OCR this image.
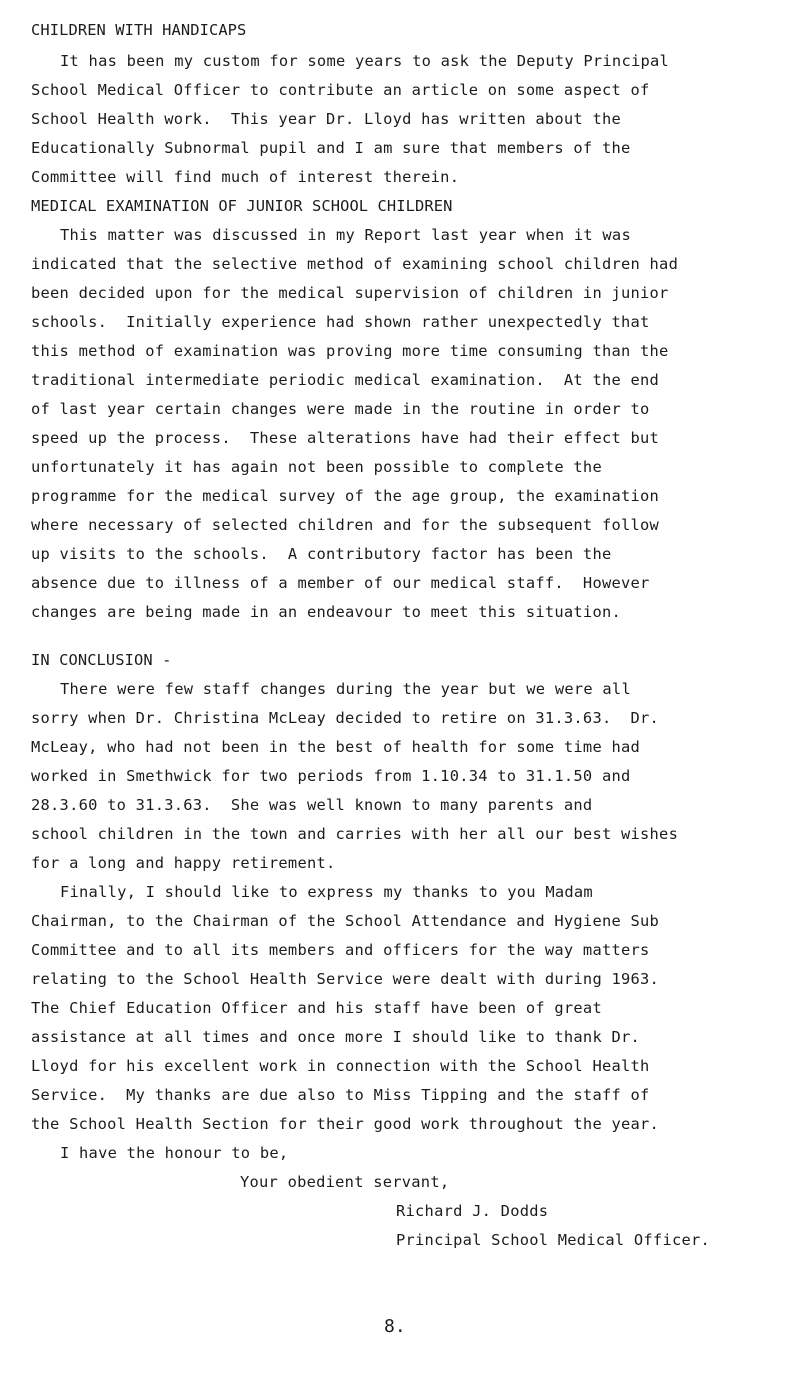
CHILDREN WITH HANDICAPS
It has been my custom for some years to ask the Deputy Principal
School Medical Officer to contribute an article on some aspect of
School Health work.  This year Dr. Lloyd has written about the
Educationally Subnormal pupil and I am sure that members of the
Committee will find much of interest therein.
MEDICAL EXAMINATION OF JUNIOR SCHOOL CHILDREN
This matter was discussed in my Report last year when it was
indicated that the selective method of examining school children had
been decided upon for the medical supervision of children in junior
schools.  Initially experience had shown rather unexpectedly that
this method of examination was proving more time consuming than the
traditional intermediate periodic medical examination.  At the end
of last year certain changes were made in the routine in order to
speed up the process.  These alterations have had their effect but
unfortunately it has again not been possible to complete the
programme for the medical survey of the age group, the examination
where necessary of selected children and for the subsequent follow
up visits to the schools.  A contributory factor has been the
absence due to illness of a member of our medical staff.  However
changes are being made in an endeavour to meet this situation.
IN CONCLUSION -
There were few staff changes during the year but we were all
sorry when Dr. Christina McLeay decided to retire on 31.3.63.  Dr.
McLeay, who had not been in the best of health for some time had
worked in Smethwick for two periods from 1.10.34 to 31.1.50 and
28.3.60 to 31.3.63.  She was well known to many parents and
school children in the town and carries with her all our best wishes
for a long and happy retirement.
Finally, I should like to express my thanks to you Madam
Chairman, to the Chairman of the School Attendance and Hygiene Sub
Committee and to all its members and officers for the way matters
relating to the School Health Service were dealt with during 1963.
The Chief Education Officer and his staff have been of great
assistance at all times and once more I should like to thank Dr.
Lloyd for his excellent work in connection with the School Health
Service.  My thanks are due also to Miss Tipping and the staff of
the School Health Section for their good work throughout the year.
I have the honour to be,
Your obedient servant,
Richard J. Dodds
Principal School Medical Officer.
8.
